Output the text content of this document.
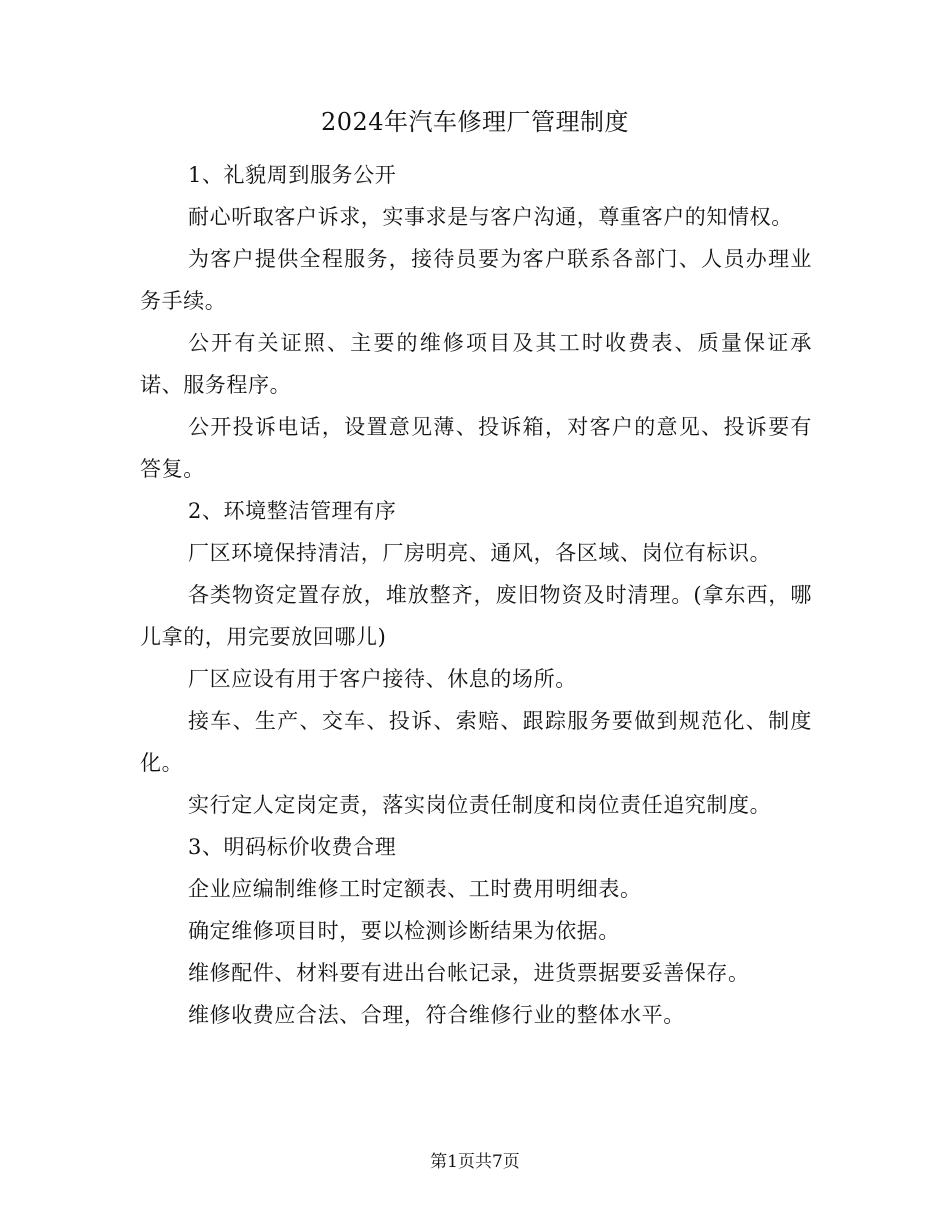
2024年汽车修理厂管理制度

1、礼貌周到服务公开

耐心听取客户诉求，实事求是与客户沟通，尊重客户的知情权。

为客户提供全程服务，接待员要为客户联系各部门、人员办理业务手续。

公开有关证照、主要的维修项目及其工时收费表、质量保证承诺、服务程序。

公开投诉电话，设置意见薄、投诉箱，对客户的意见、投诉要有答复。

2、环境整洁管理有序

厂区环境保持清洁，厂房明亮、通风，各区域、岗位有标识。

各类物资定置存放，堆放整齐，废旧物资及时清理。(拿东西，哪儿拿的，用完要放回哪儿)

厂区应设有用于客户接待、休息的场所。

接车、生产、交车、投诉、索赔、跟踪服务要做到规范化、制度化。

实行定人定岗定责，落实岗位责任制度和岗位责任追究制度。

3、明码标价收费合理

企业应编制维修工时定额表、工时费用明细表。

确定维修项目时，要以检测诊断结果为依据。

维修配件、材料要有进出台帐记录，进货票据要妥善保存。

维修收费应合法、合理，符合维修行业的整体水平。

第1页共7页
